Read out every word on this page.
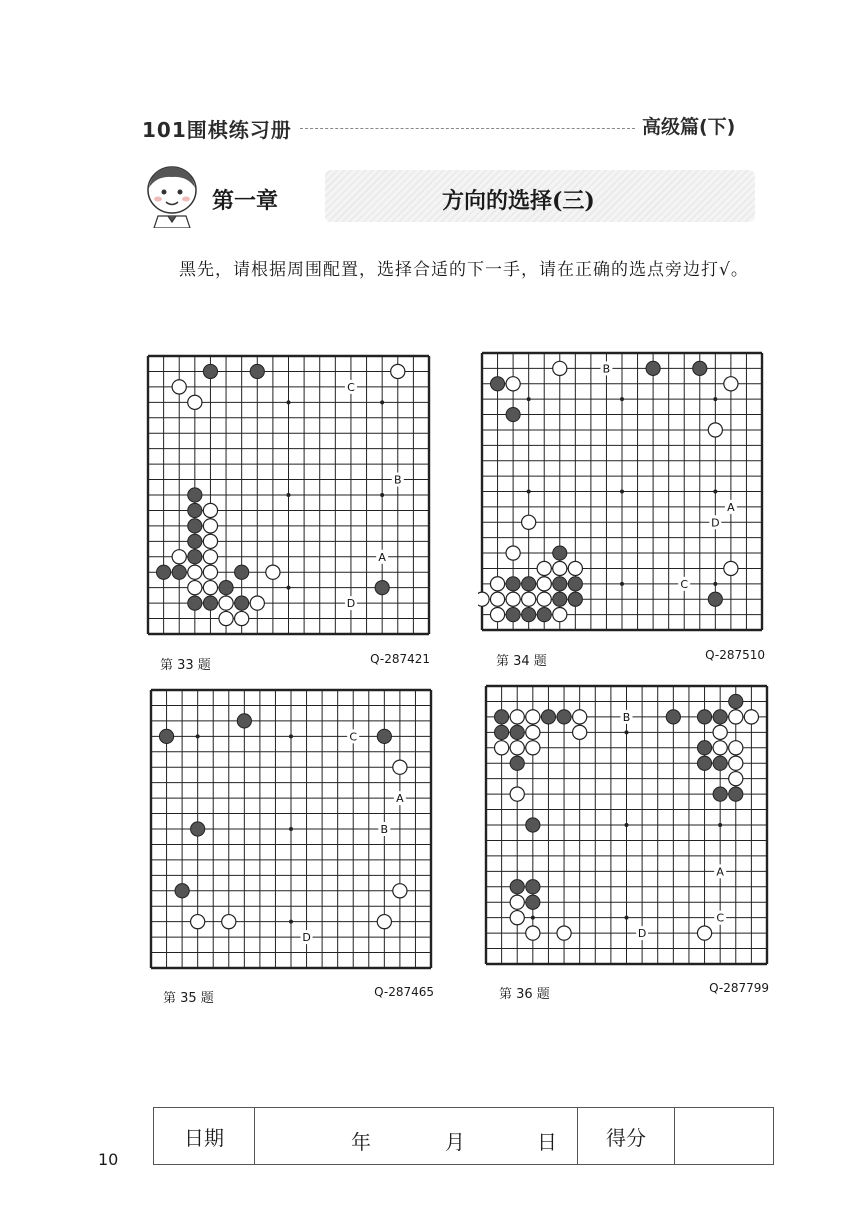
101围棋练习册	高级篇(下)
第一章	方向的选择(三)
黑先，请根据周围配置，选择合适的下一手，请在正确的选点旁边打√。
C
B
A
D
第 33 题	Q-287421
B
A
D
C
第 34 题	Q-287510
C
A
B
D
第 35 题	Q-287465
B
A
C
D
第 36 题	Q-287799
日期	年	月	日	得分
10
